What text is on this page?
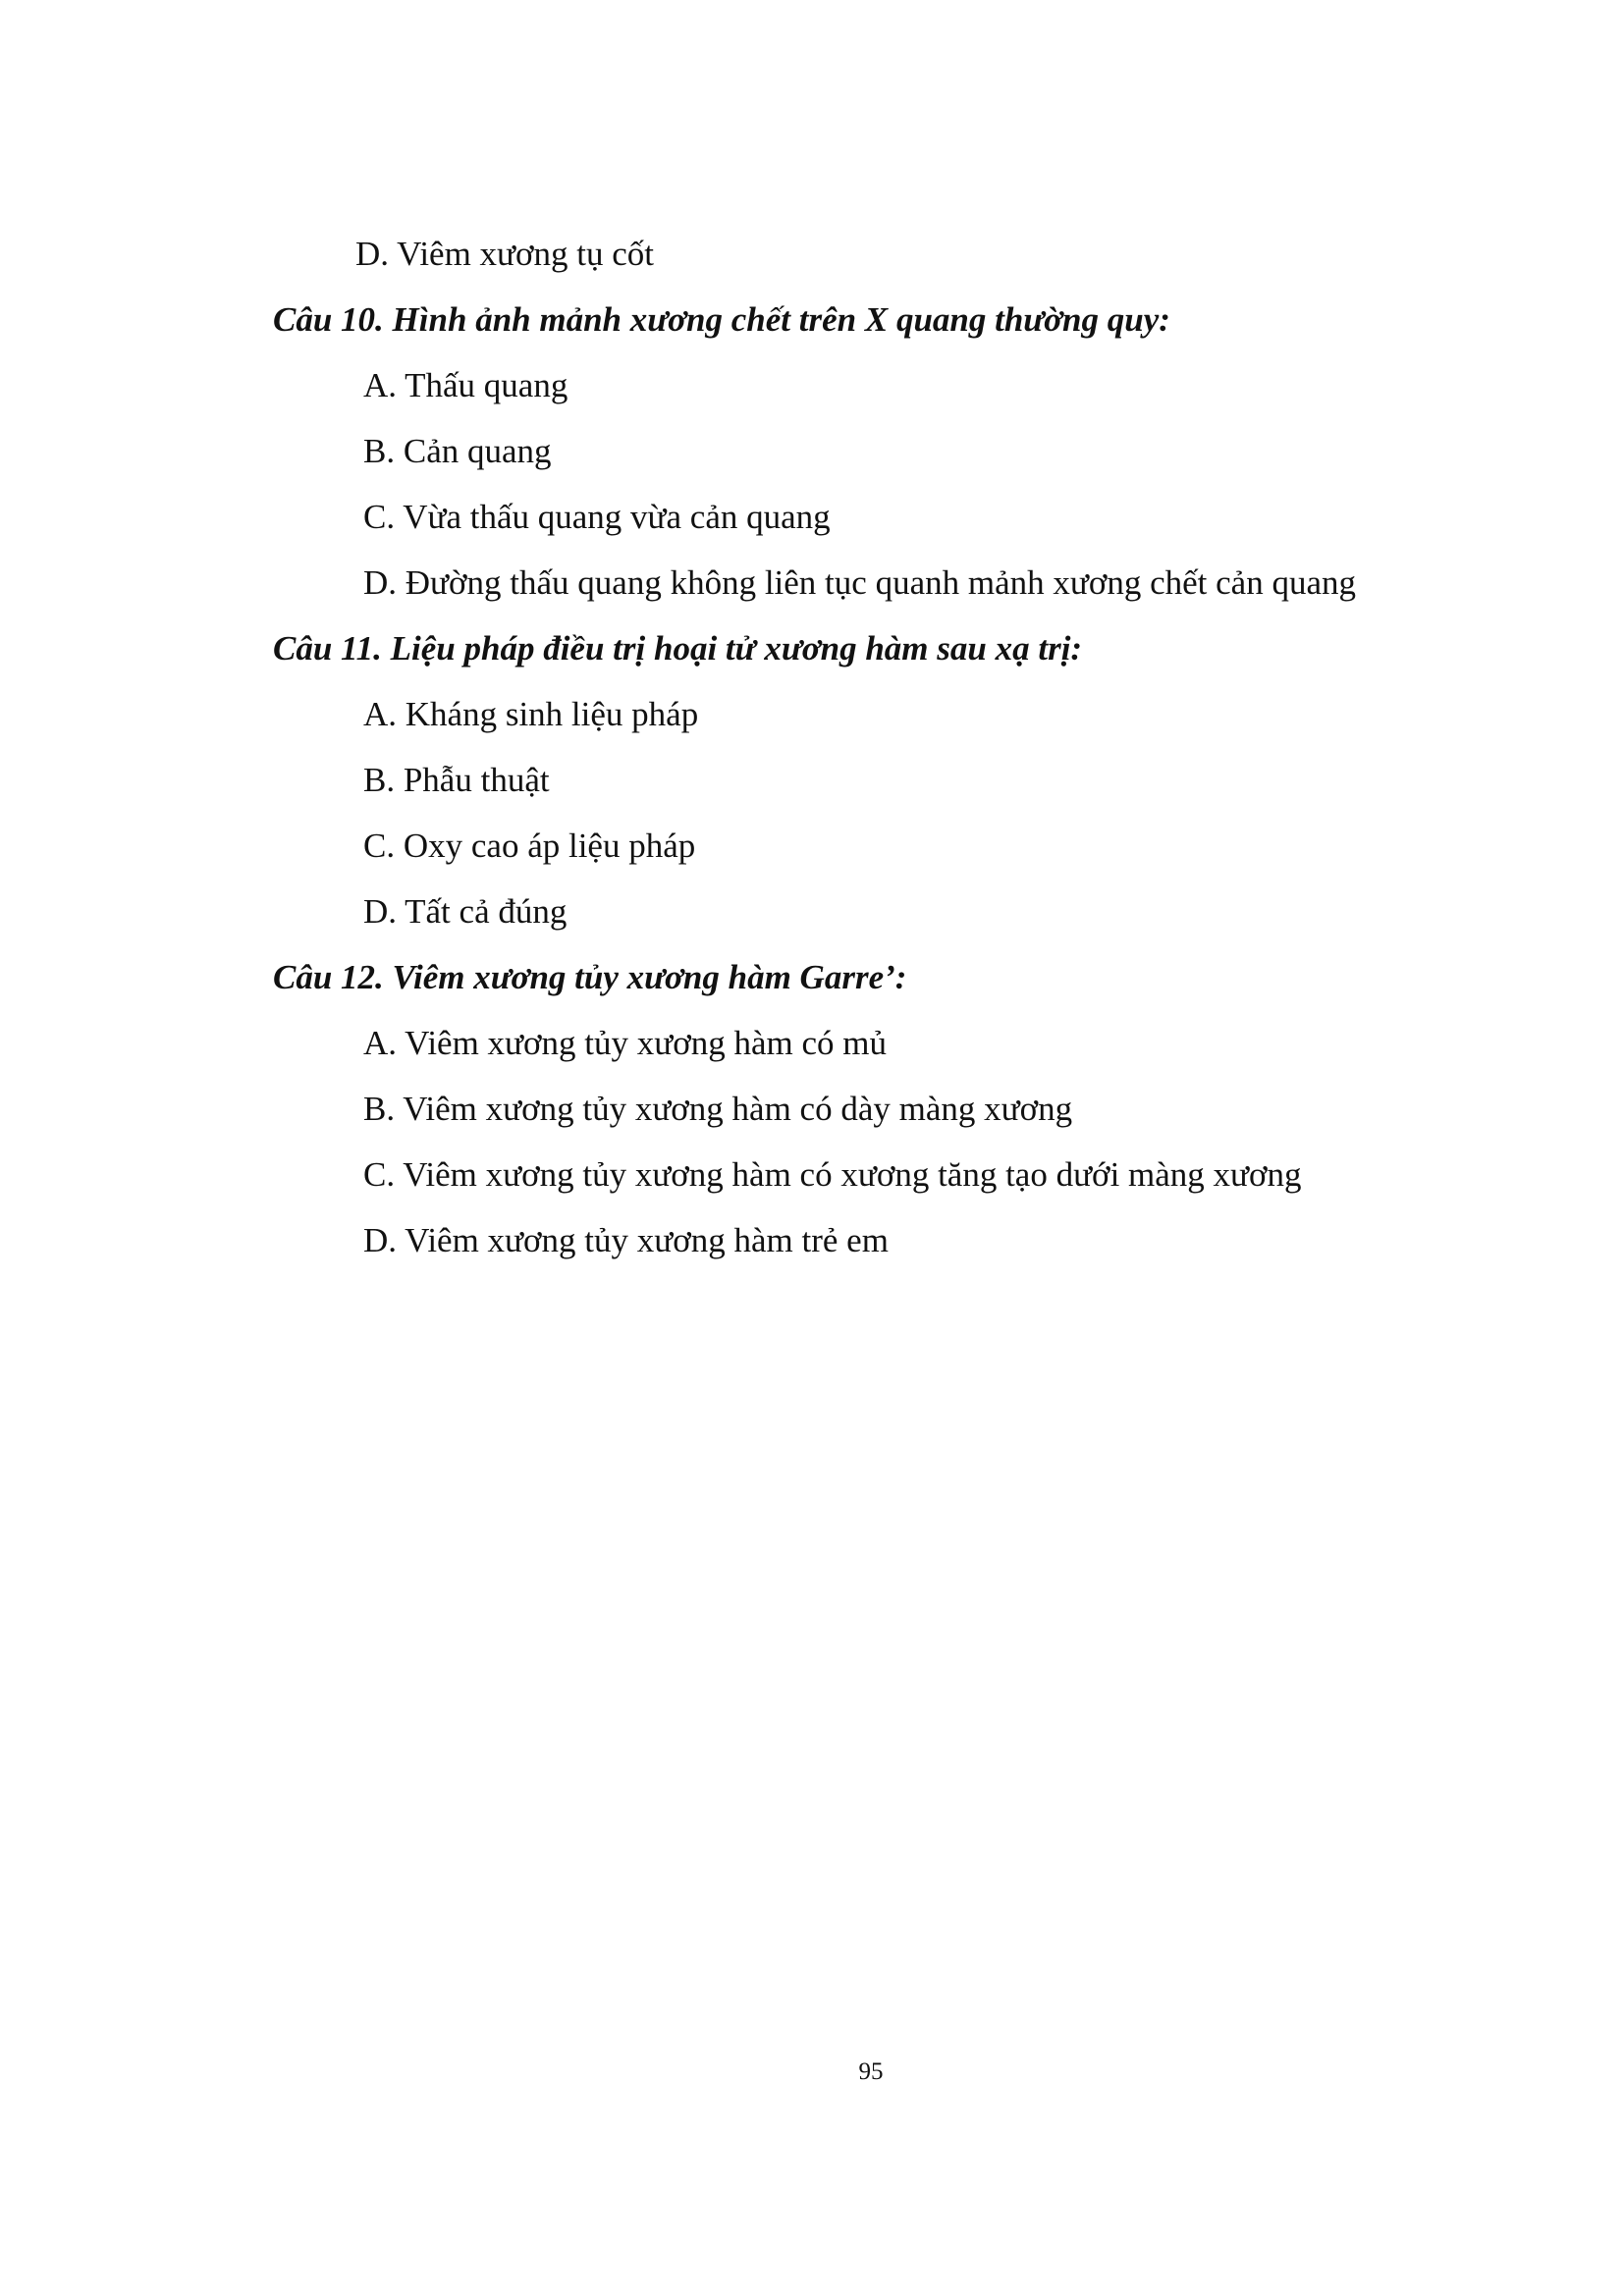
D. Viêm xương tụ cốt
Câu 10. Hình ảnh mảnh xương chết trên X quang thường quy:
A. Thấu quang
B. Cản quang
C. Vừa thấu quang vừa cản quang
D. Đường thấu quang không liên tục quanh mảnh xương chết cản quang
Câu 11. Liệu pháp điều trị hoại tử xương hàm sau xạ trị:
A. Kháng sinh liệu pháp
B. Phẫu thuật
C. Oxy cao áp liệu pháp
D. Tất cả đúng
Câu 12. Viêm xương tủy xương hàm Garre’:
A. Viêm xương tủy xương hàm có mủ
B. Viêm xương tủy xương hàm có dày màng xương
C. Viêm xương tủy xương hàm có xương tăng tạo dưới màng xương
D. Viêm xương tủy xương hàm trẻ em
95
